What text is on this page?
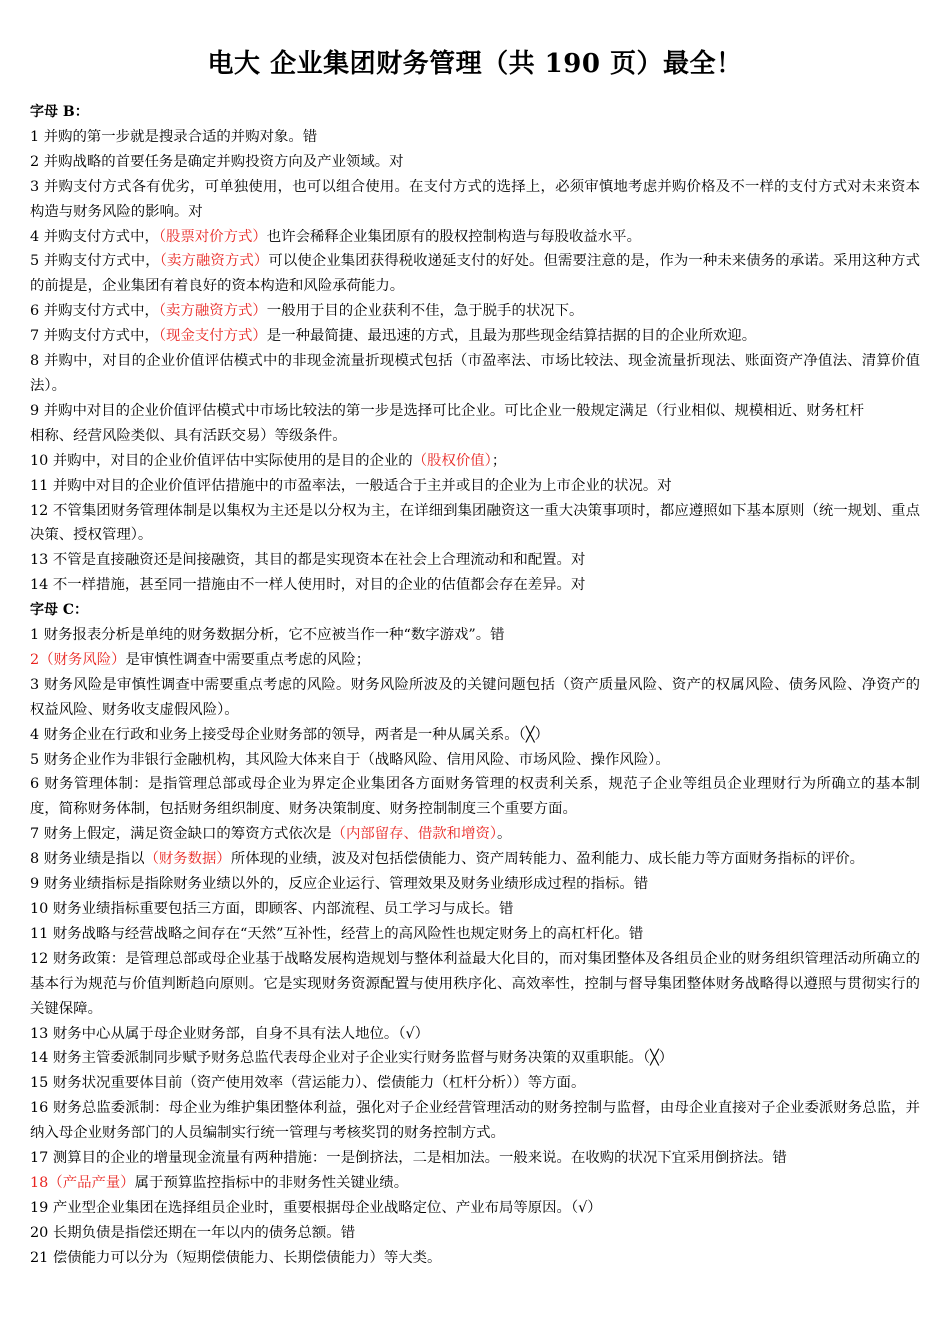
电大 企业集团财务管理（共 190 页）最全！
字母 B：
1 并购的第一步就是搜录合适的并购对象。错
2 并购战略的首要任务是确定并购投资方向及产业领域。对
3 并购支付方式各有优劣，可单独使用，也可以组合使用。在支付方式的选择上，必须审慎地考虑并购价格及不一样的支付方式对未来资本构造与财务风险的影响。对
4 并购支付方式中，（股票对价方式）也许会稀释企业集团原有的股权控制构造与每股收益水平。
5 并购支付方式中，（卖方融资方式）可以使企业集团获得税收递延支付的好处。但需要注意的是，作为一种未来债务的承诺。采用这种方式的前提是，企业集团有着良好的资本构造和风险承荷能力。
6 并购支付方式中，（卖方融资方式）一般用于目的企业获利不佳，急于脱手的状况下。
7 并购支付方式中，（现金支付方式）是一种最简捷、最迅速的方式，且最为那些现金结算拮据的目的企业所欢迎。
8 并购中，对目的企业价值评估模式中的非现金流量折现模式包括（市盈率法、市场比较法、现金流量折现法、账面资产净值法、清算价值法）。
9 并购中对目的企业价值评估模式中市场比较法的第一步是选择可比企业。可比企业一般规定满足（行业相似、规模相近、财务杠杆
相称、经营风险类似、具有活跃交易）等级条件。
10 并购中，对目的企业价值评估中实际使用的是目的企业的（股权价值）；
11 并购中对目的企业价值评估措施中的市盈率法，一般适合于主并或目的企业为上市企业的状况。对
12 不管集团财务管理体制是以集权为主还是以分权为主，在详细到集团融资这一重大决策事项时，都应遵照如下基本原则（统一规划、重点决策、授权管理）。
13 不管是直接融资还是间接融资，其目的都是实现资本在社会上合理流动和和配置。对
14 不一样措施，甚至同一措施由不一样人使用时，对目的企业的估值都会存在差异。对
字母 C：
1 财务报表分析是单纯的财务数据分析，它不应被当作一种“数字游戏”。错
2（财务风险）是审慎性调查中需要重点考虑的风险；
3 财务风险是审慎性调查中需要重点考虑的风险。财务风险所波及的关键问题包括（资产质量风险、资产的权属风险、债务风险、净资产的权益风险、财务收支虚假风险）。
4 财务企业在行政和业务上接受母企业财务部的领导，两者是一种从属关系。（╳）
5 财务企业作为非银行金融机构，其风险大体来自于（战略风险、信用风险、市场风险、操作风险）。
6 财务管理体制：是指管理总部或母企业为界定企业集团各方面财务管理的权责利关系，规范子企业等组员企业理财行为所确立的基本制度，简称财务体制，包括财务组织制度、财务决策制度、财务控制制度三个重要方面。
7 财务上假定，满足资金缺口的筹资方式依次是（内部留存、借款和增资）。
8 财务业绩是指以（财务数据）所体现的业绩，波及对包括偿债能力、资产周转能力、盈利能力、成长能力等方面财务指标的评价。
9 财务业绩指标是指除财务业绩以外的，反应企业运行、管理效果及财务业绩形成过程的指标。错
10 财务业绩指标重要包括三方面，即顾客、内部流程、员工学习与成长。错
11 财务战略与经营战略之间存在“天然”互补性，经营上的高风险性也规定财务上的高杠杆化。错
12 财务政策：是管理总部或母企业基于战略发展构造规划与整体利益最大化目的，而对集团整体及各组员企业的财务组织管理活动所确立的基本行为规范与价值判断趋向原则。它是实现财务资源配置与使用秩序化、高效率性，控制与督导集团整体财务战略得以遵照与贯彻实行的关键保障。
13 财务中心从属于母企业财务部，自身不具有法人地位。（√）
14 财务主管委派制同步赋予财务总监代表母企业对子企业实行财务监督与财务决策的双重职能。（╳）
15 财务状况重要体目前（资产使用效率（营运能力）、偿债能力（杠杆分析））等方面。
16 财务总监委派制：母企业为维护集团整体利益，强化对子企业经营管理活动的财务控制与监督，由母企业直接对子企业委派财务总监，并纳入母企业财务部门的人员编制实行统一管理与考核奖罚的财务控制方式。
17 测算目的企业的增量现金流量有两种措施：一是倒挤法，二是相加法。一般来说。在收购的状况下宜采用倒挤法。错
18（产品产量）属于预算监控指标中的非财务性关键业绩。
19 产业型企业集团在选择组员企业时，重要根据母企业战略定位、产业布局等原因。（√）
20 长期负债是指偿还期在一年以内的债务总额。错
21 偿债能力可以分为（短期偿债能力、长期偿债能力）等大类。
